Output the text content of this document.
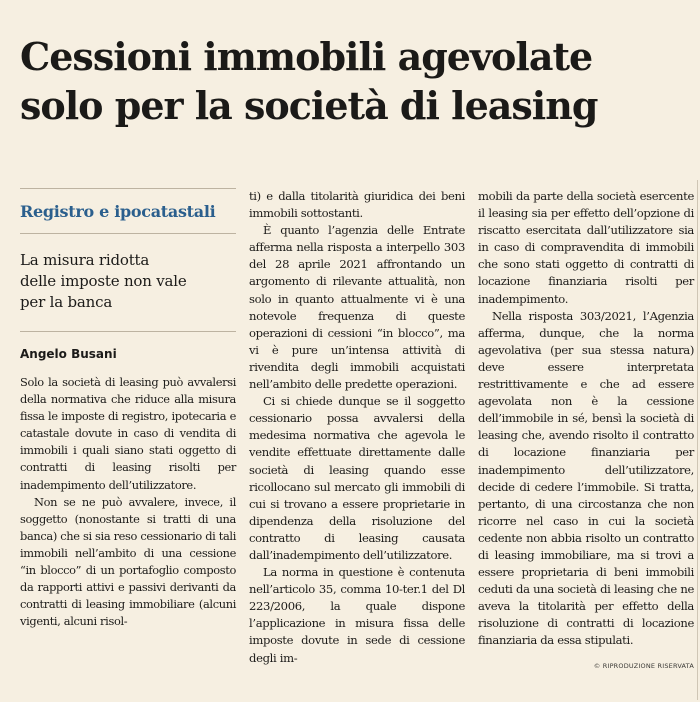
Cessioni immobili agevolate
solo per la società di leasing
Registro e ipocatastali
La misura ridotta
delle imposte non vale
per la banca
Angelo Busani

Solo la società di leasing può avvalersi della normativa che riduce alla misura fissa le imposte di registro, ipotecaria e catastale dovute in caso di vendita di immobili i quali siano stati oggetto di contratti di leasing risolti per inadempimento dell’utilizzatore.

Non se ne può avvalere, invece, il soggetto (nonostante si tratti di una banca) che si sia reso cessionario di tali immobili nell’ambito di una cessione “in blocco” di un portafoglio composto da rapporti attivi e passivi derivanti da contratti di leasing immobiliare (alcuni vigenti, alcuni risol-

ti) e dalla titolarità giuridica dei beni immobili sottostanti.

È quanto l’agenzia delle Entrate afferma nella risposta a interpello 303 del 28 aprile 2021 affrontando un argomento di rilevante attualità, non solo in quanto attualmente vi è una notevole frequenza di queste operazioni di cessioni “in blocco”, ma vi è pure un’intensa attività di rivendita degli immobili acquistati nell’ambito delle predette operazioni.

Ci si chiede dunque se il soggetto cessionario possa avvalersi della medesima normativa che agevola le vendite effettuate direttamente dalle società di leasing quando esse ricollocano sul mercato gli immobili di cui si trovano a essere proprietarie in dipendenza della risoluzione del contratto di leasing causata dall’inadempimento dell’utilizzatore.

La norma in questione è contenuta nell’articolo 35, comma 10-ter.1 del Dl 223/2006, la quale dispone l’applicazione in misura fissa delle imposte dovute in sede di cessione degli im-

mobili da parte della società esercente il leasing sia per effetto dell’opzione di riscatto esercitata dall’utilizzatore sia in caso di compravendita di immobili che sono stati oggetto di contratti di locazione finanziaria risolti per inadempimento.

Nella risposta 303/2021, l’Agenzia afferma, dunque, che la norma agevolativa (per sua stessa natura) deve essere interpretata restrittivamente e che ad essere agevolata non è la cessione dell’immobile in sé, bensì la società di leasing che, avendo risolto il contratto di locazione finanziaria per inadempimento dell’utilizzatore, decide di cedere l’immobile. Si tratta, pertanto, di una circostanza che non ricorre nel caso in cui la società cedente non abbia risolto un contratto di leasing immobiliare, ma si trovi a essere proprietaria di beni immobili ceduti da una società di leasing che ne aveva la titolarità per effetto della risoluzione di contratti di locazione finanziaria da essa stipulati.

© RIPRODUZIONE RISERVATA
